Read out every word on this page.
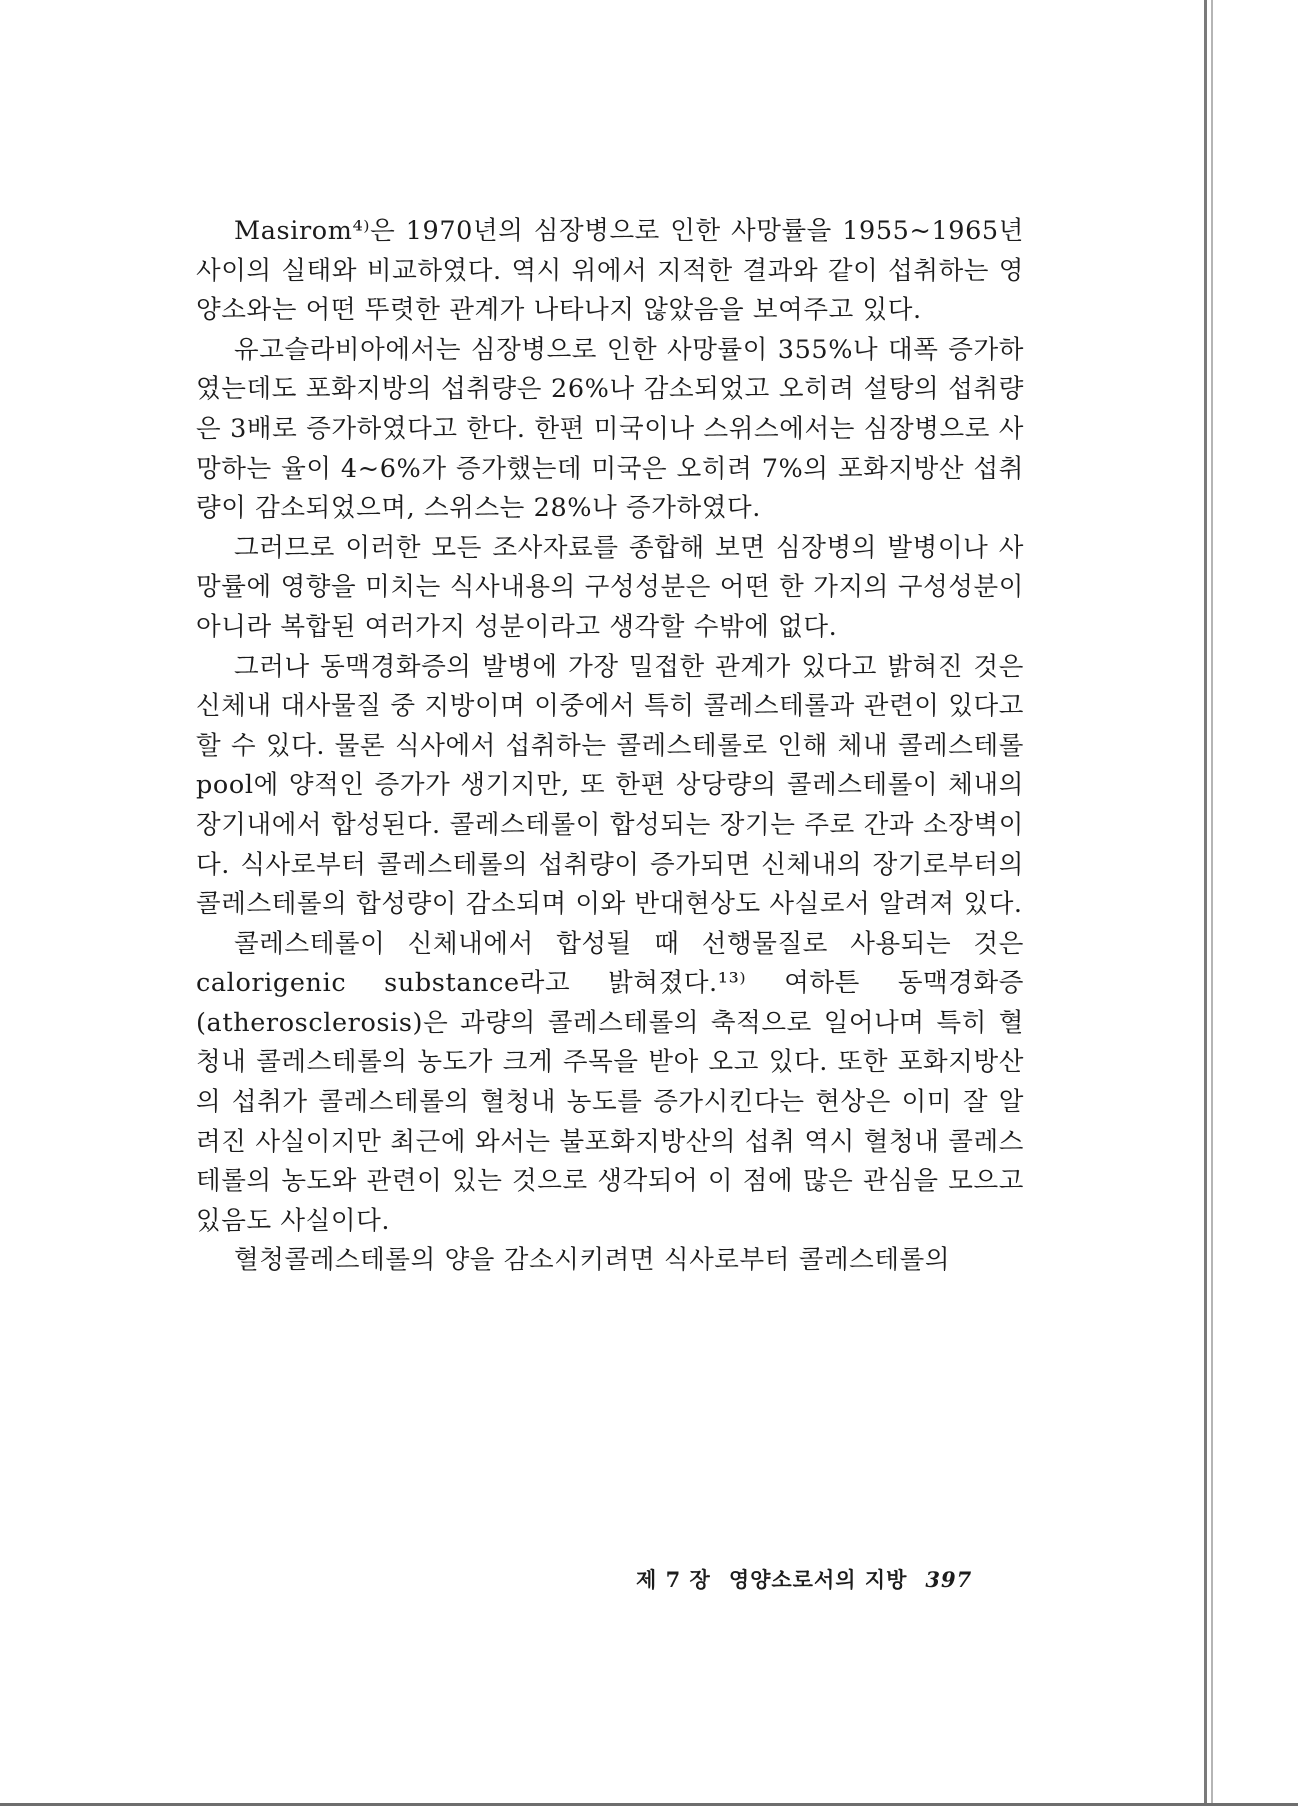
Masirom⁴⁾은 1970년의 심장병으로 인한 사망률을 1955~1965년 사이의 실태와 비교하였다. 역시 위에서 지적한 결과와 같이 섭취하는 영양소와는 어떤 뚜렷한 관계가 나타나지 않았음을 보여주고 있다.

유고슬라비아에서는 심장병으로 인한 사망률이 355%나 대폭 증가하였는데도 포화지방의 섭취량은 26%나 감소되었고 오히려 설탕의 섭취량은 3배로 증가하였다고 한다. 한편 미국이나 스위스에서는 심장병으로 사망하는 율이 4~6%가 증가했는데 미국은 오히려 7%의 포화지방산 섭취량이 감소되었으며, 스위스는 28%나 증가하였다.

그러므로 이러한 모든 조사자료를 종합해 보면 심장병의 발병이나 사망률에 영향을 미치는 식사내용의 구성성분은 어떤 한 가지의 구성성분이 아니라 복합된 여러가지 성분이라고 생각할 수밖에 없다.

그러나 동맥경화증의 발병에 가장 밀접한 관계가 있다고 밝혀진 것은 신체내 대사물질 중 지방이며 이중에서 특히 콜레스테롤과 관련이 있다고 할 수 있다. 물론 식사에서 섭취하는 콜레스테롤로 인해 체내 콜레스테롤 pool에 양적인 증가가 생기지만, 또 한편 상당량의 콜레스테롤이 체내의 장기내에서 합성된다. 콜레스테롤이 합성되는 장기는 주로 간과 소장벽이다. 식사로부터 콜레스테롤의 섭취량이 증가되면 신체내의 장기로부터의 콜레스테롤의 합성량이 감소되며 이와 반대현상도 사실로서 알려져 있다.

콜레스테롤이 신체내에서 합성될 때 선행물질로 사용되는 것은 calorigenic substance라고 밝혀졌다.¹³⁾ 여하튼 동맥경화증(atherosclerosis)은 과량의 콜레스테롤의 축적으로 일어나며 특히 혈청내 콜레스테롤의 농도가 크게 주목을 받아 오고 있다. 또한 포화지방산의 섭취가 콜레스테롤의 혈청내 농도를 증가시킨다는 현상은 이미 잘 알려진 사실이지만 최근에 와서는 불포화지방산의 섭취 역시 혈청내 콜레스테롤의 농도와 관련이 있는 것으로 생각되어 이 점에 많은 관심을 모으고 있음도 사실이다.

혈청콜레스테롤의 양을 감소시키려면 식사로부터 콜레스테롤의

제 7 장 영양소로서의 지방 397
